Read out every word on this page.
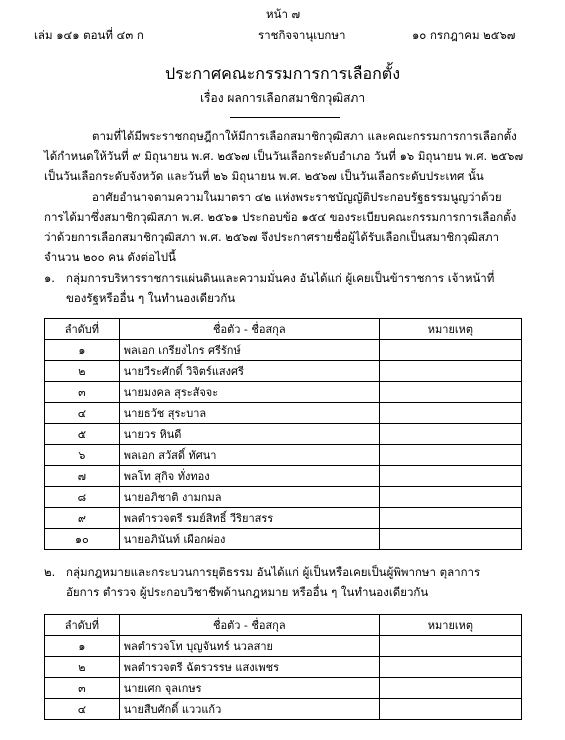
หน้า ๗
เล่ม ๑๔๑ ตอนที่ ๔๓ ก	ราชกิจจานุเบกษา	๑๐ กรกฎาคม ๒๕๖๗
ประกาศคณะกรรมการการเลือกตั้ง
เรื่อง ผลการเลือกสมาชิกวุฒิสภา
ตามที่ได้มีพระราชกฤษฎีกาให้มีการเลือกสมาชิกวุฒิสภา และคณะกรรมการการเลือกตั้ง
ได้กำหนดให้วันที่ ๙ มิถุนายน พ.ศ. ๒๕๖๗ เป็นวันเลือกระดับอำเภอ วันที่ ๑๖ มิถุนายน พ.ศ. ๒๕๖๗
เป็นวันเลือกระดับจังหวัด และวันที่ ๒๖ มิถุนายน พ.ศ. ๒๕๖๗ เป็นวันเลือกระดับประเทศ นั้น
อาศัยอำนาจตามความในมาตรา ๔๒ แห่งพระราชบัญญัติประกอบรัฐธรรมนูญว่าด้วย
การได้มาซึ่งสมาชิกวุฒิสภา พ.ศ. ๒๕๖๑ ประกอบข้อ ๑๕๔ ของระเบียบคณะกรรมการการเลือกตั้ง
ว่าด้วยการเลือกสมาชิกวุฒิสภา พ.ศ. ๒๕๖๗ จึงประกาศรายชื่อผู้ได้รับเลือกเป็นสมาชิกวุฒิสภา
จำนวน ๒๐๐ คน ดังต่อไปนี้
๑. กลุ่มการบริหารราชการแผ่นดินและความมั่นคง อันได้แก่ ผู้เคยเป็นข้าราชการ เจ้าหน้าที่
ของรัฐหรืออื่น ๆ ในทำนองเดียวกัน
ลำดับที่	ชื่อตัว - ชื่อสกุล	หมายเหตุ
๑	พลเอก เกรียงไกร ศรีรักษ์	
๒	นายวีระศักดิ์ วิจิตร์แสงศรี	
๓	นายมงคล สุระสัจจะ	
๔	นายธวัช สุระบาล	
๕	นายวร หินดี	
๖	พลเอก สวัสดิ์ ทัศนา	
๗	พลโท สุกิจ ทั่งทอง	
๘	นายอภิชาติ งามกมล	
๙	พลตำรวจตรี รมย์สิทธิ์ วีริยาสรร	
๑๐	นายอภินันท์ เผือกผ่อง	
๒. กลุ่มกฎหมายและกระบวนการยุติธรรม อันได้แก่ ผู้เป็นหรือเคยเป็นผู้พิพากษา ตุลาการ
อัยการ ตำรวจ ผู้ประกอบวิชาชีพด้านกฎหมาย หรืออื่น ๆ ในทำนองเดียวกัน
ลำดับที่	ชื่อตัว - ชื่อสกุล	หมายเหตุ
๑	พลตำรวจโท บุญจันทร์ นวลสาย	
๒	พลตำรวจตรี ฉัตรวรรษ แสงเพชร	
๓	นายเศก จุลเกษร	
๔	นายสืบศักดิ์ แววแก้ว	
